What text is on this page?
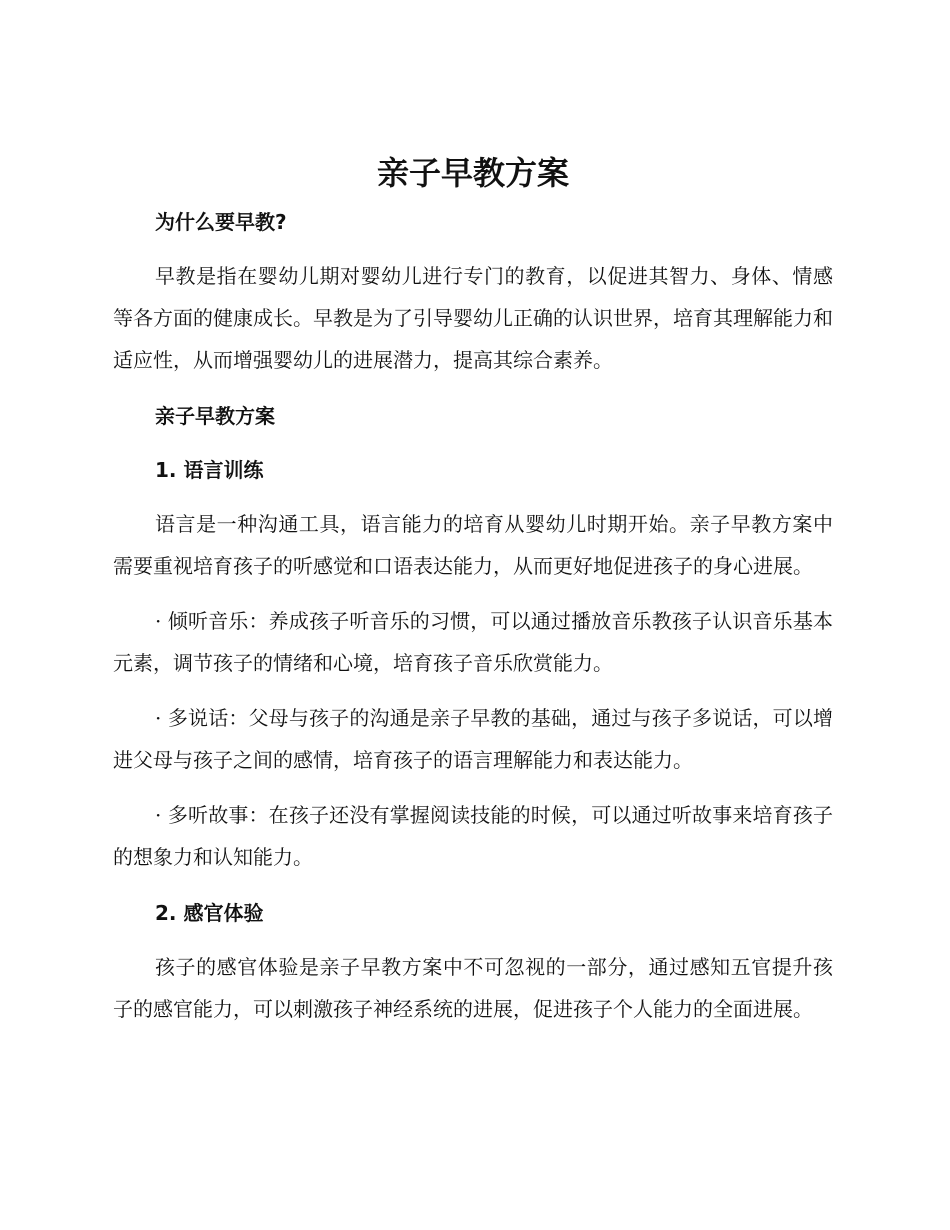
亲子早教方案
为什么要早教?

早教是指在婴幼儿期对婴幼儿进行专门的教育，以促进其智力、身体、情感等各方面的健康成长。早教是为了引导婴幼儿正确的认识世界，培育其理解能力和适应性，从而增强婴幼儿的进展潜力，提高其综合素养。

亲子早教方案
1. 语言训练

语言是一种沟通工具，语言能力的培育从婴幼儿时期开始。亲子早教方案中需要重视培育孩子的听感觉和口语表达能力，从而更好地促进孩子的身心进展。

· 倾听音乐：养成孩子听音乐的习惯，可以通过播放音乐教孩子认识音乐基本元素，调节孩子的情绪和心境，培育孩子音乐欣赏能力。

· 多说话：父母与孩子的沟通是亲子早教的基础，通过与孩子多说话，可以增进父母与孩子之间的感情，培育孩子的语言理解能力和表达能力。

· 多听故事：在孩子还没有掌握阅读技能的时候，可以通过听故事来培育孩子的想象力和认知能力。

2. 感官体验

孩子的感官体验是亲子早教方案中不可忽视的一部分，通过感知五官提升孩子的感官能力，可以刺激孩子神经系统的进展，促进孩子个人能力的全面进展。
